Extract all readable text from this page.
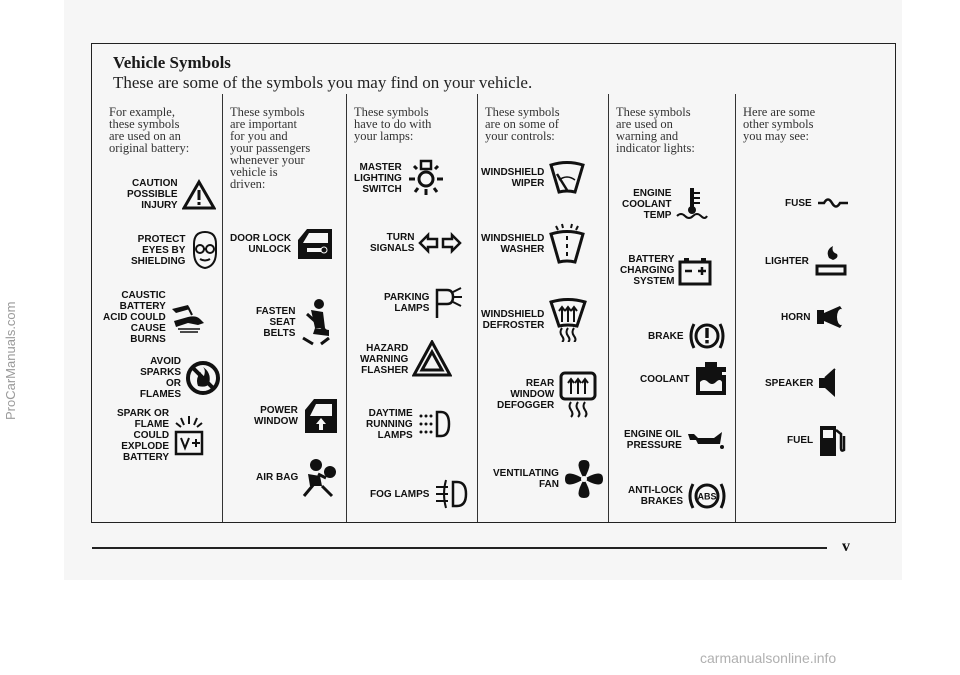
Vehicle Symbols

These are some of the symbols you may find on your vehicle.

For example,
these symbols
are used on an
original battery:
CAUTION
POSSIBLE
INJURY
PROTECT
EYES BY
SHIELDING
CAUSTIC
BATTERY
ACID COULD
CAUSE
BURNS
AVOID
SPARKS OR
FLAMES
SPARK OR
FLAME
COULD
EXPLODE
BATTERY
These symbols
are important
for you and
your passengers
whenever your
vehicle is
driven:
DOOR LOCK
UNLOCK
FASTEN
SEAT
BELTS
POWER
WINDOW
AIR BAG
These symbols
have to do with
your lamps:
MASTER
LIGHTING
SWITCH
TURN
SIGNALS
PARKING
LAMPS
HAZARD
WARNING
FLASHER
DAYTIME
RUNNING
LAMPS
FOG LAMPS
These symbols
are on some of
your controls:
WINDSHIELD
WIPER
WINDSHIELD
WASHER
WINDSHIELD
DEFROSTER
REAR
WINDOW
DEFOGGER
VENTILATING
FAN
These symbols
are used on
warning and
indicator lights:
ENGINE
COOLANT
TEMP
BATTERY
CHARGING
SYSTEM
BRAKE
COOLANT
ENGINE OIL
PRESSURE
ANTI-LOCK
BRAKES ABS
Here are some
other symbols
you may see:
FUSE
LIGHTER
HORN
SPEAKER
FUEL
v
ProCarManuals.com
carmanualsonline.info
